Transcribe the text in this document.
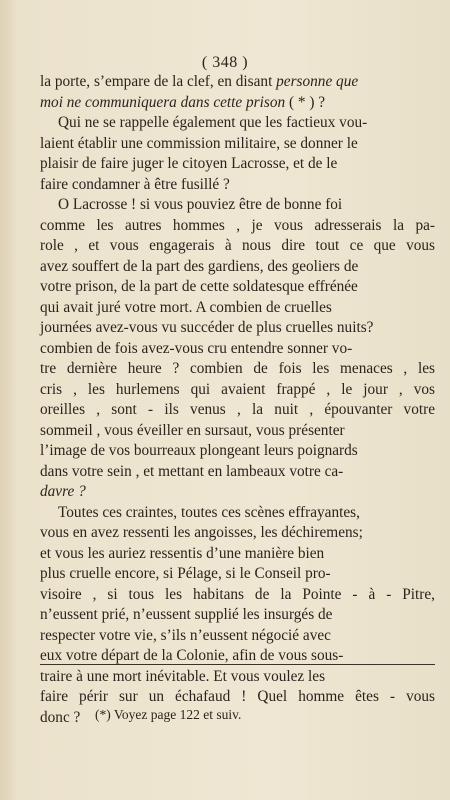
( 348 )
la porte, s’empare de la clef, en disant personne que
moi ne communiquera dans cette prison ( * ) ?
Qui ne se rappelle également que les factieux vou-
laient établir une commission militaire, se donner le
plaisir de faire juger le citoyen Lacrosse, et de le
faire condamner à être fusillé ?
O Lacrosse ! si vous pouviez être de bonne foi
comme les autres hommes , je vous adresserais la pa-
role , et vous engagerais à nous dire tout ce que vous
avez souffert de la part des gardiens, des geoliers de
votre prison, de la part de cette soldatesque effrénée
qui avait juré votre mort. A combien de cruelles
journées avez-vous vu succéder de plus cruelles nuits?
combien de fois avez-vous cru entendre sonner vo-
tre dernière heure ? combien de fois les menaces , les
cris , les hurlemens qui avaient frappé , le jour , vos
oreilles , sont - ils venus , la nuit , épouvanter votre
sommeil , vous éveiller en sursaut, vous présenter
l’image de vos bourreaux plongeant leurs poignards
dans votre sein , et mettant en lambeaux votre ca-
davre ?
Toutes ces craintes, toutes ces scènes effrayantes,
vous en avez ressenti les angoisses, les déchiremens;
et vous les auriez ressentis d’une manière bien
plus cruelle encore, si Pélage, si le Conseil pro-
visoire , si tous les habitans de la Pointe - à - Pitre,
n’eussent prié, n’eussent supplié les insurgés de
respecter votre vie, s’ils n’eussent négocié avec
eux votre départ de la Colonie, afin de vous sous-
traire à une mort inévitable. Et vous voulez les
faire périr sur un échafaud ! Quel homme êtes - vous
donc ?	(*) Voyez page 122 et suiv.
